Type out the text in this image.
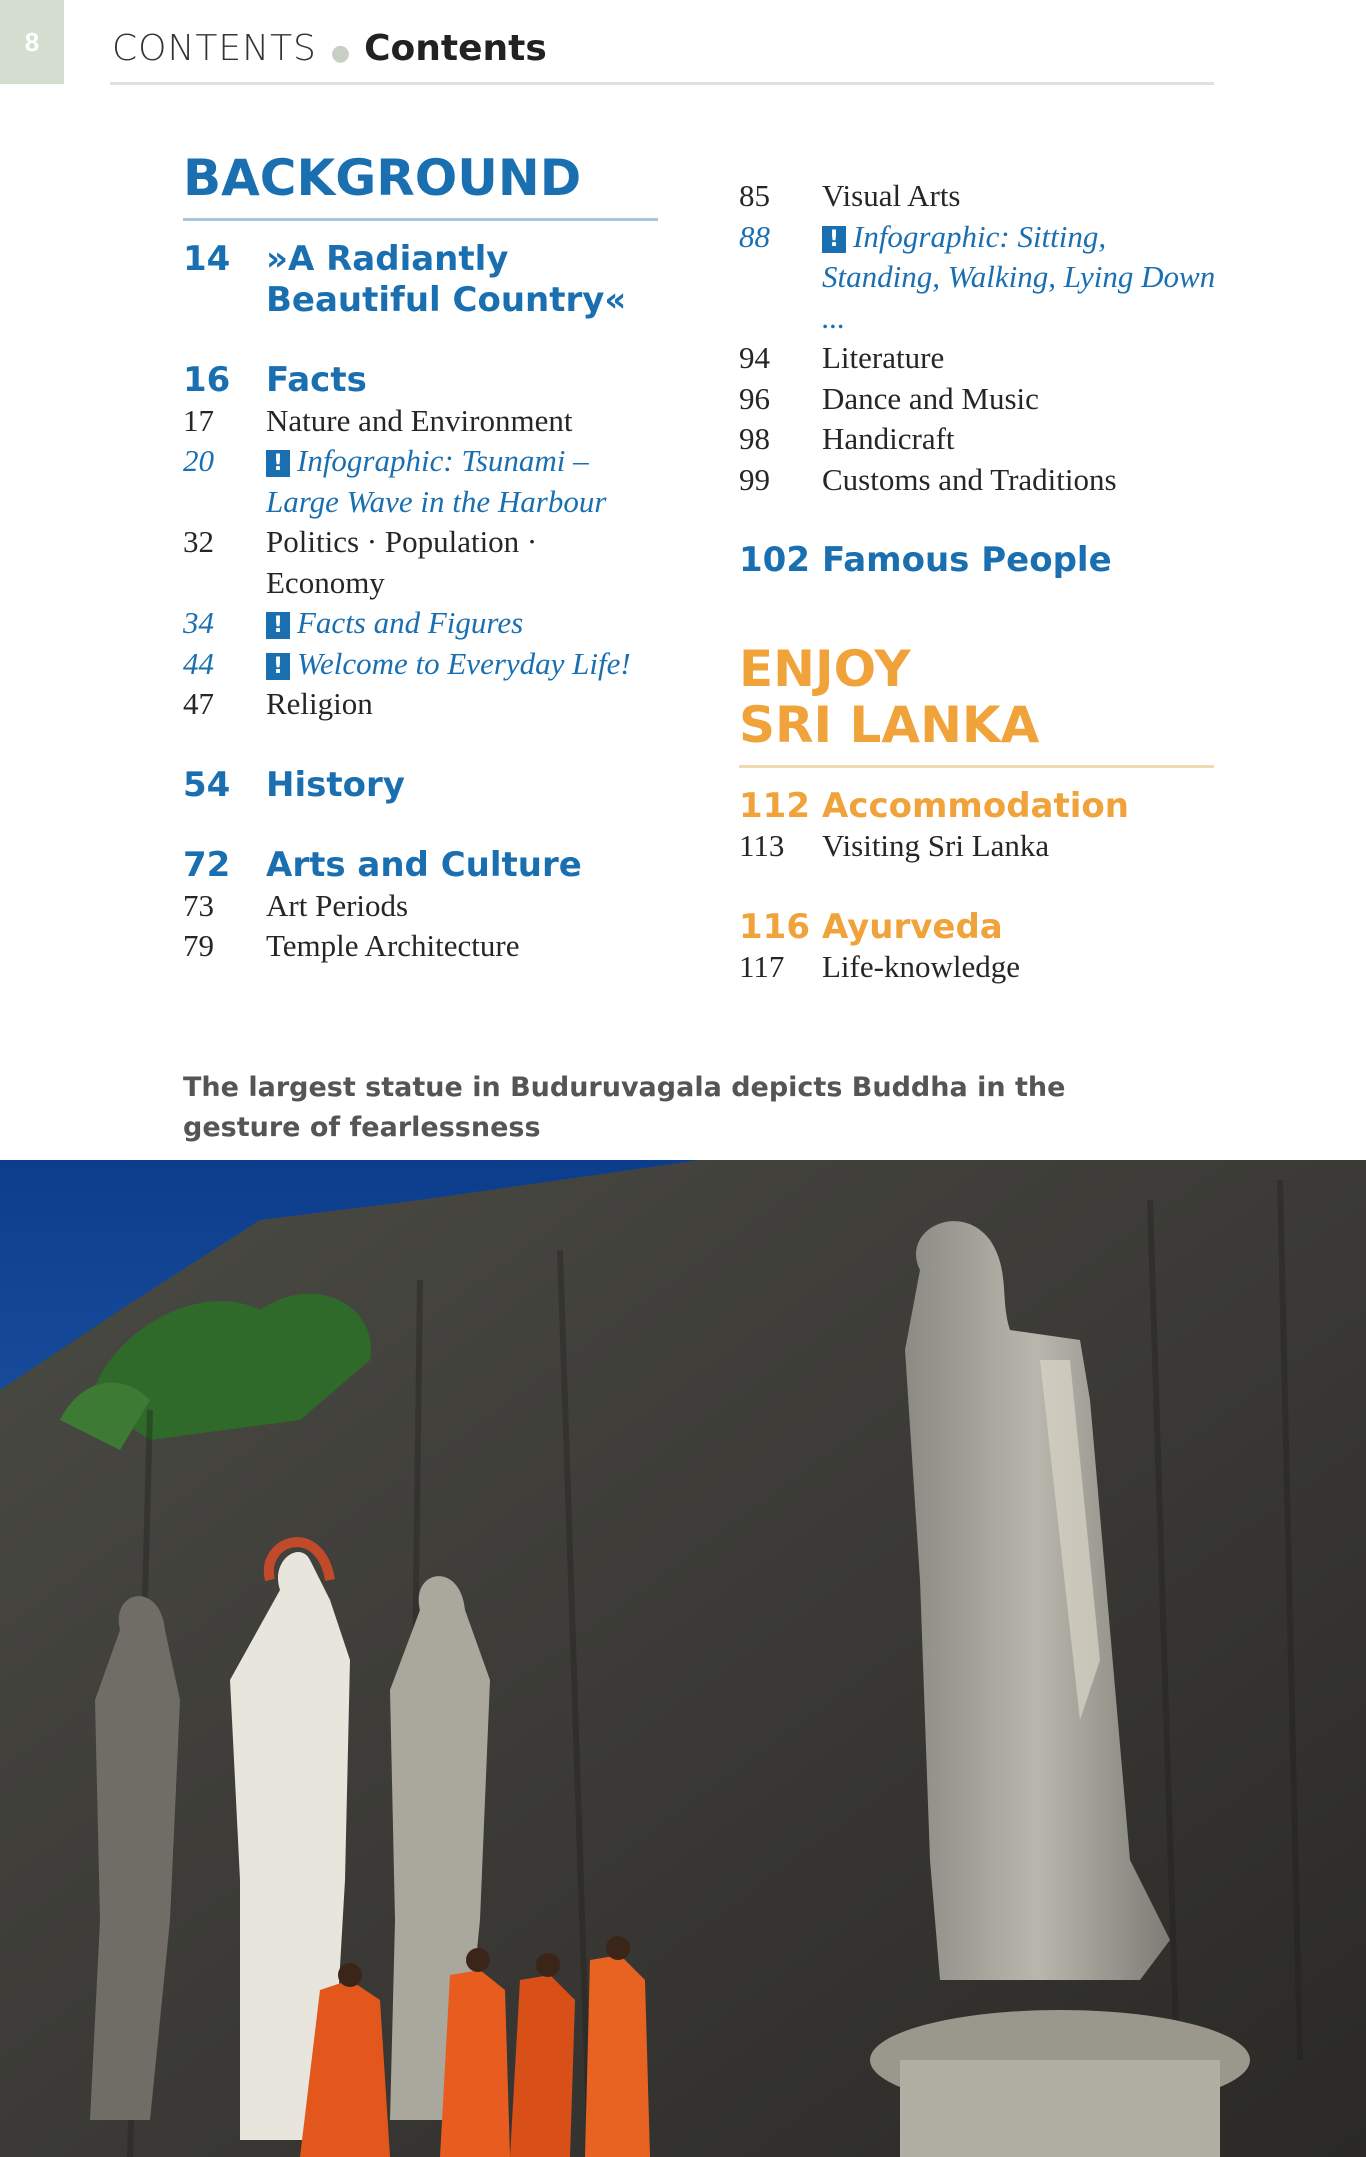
8 CONTENTS ● Contents
BACKGROUND
14	»A Radiantly Beautiful Country«
16	Facts
17	Nature and Environment
20	! Infographic: Tsunami – Large Wave in the Harbour
32	Politics · Population · Economy
34	! Facts and Figures
44	! Welcome to Everyday Life!
47	Religion
54	History
72	Arts and Culture
73	Art Periods
79	Temple Architecture
85	Visual Arts
88	! Infographic: Sitting, Standing, Walking, Lying Down ...
94	Literature
96	Dance and Music
98	Handicraft
99	Customs and Traditions
102 Famous People
ENJOY
SRI LANKA
112 Accommodation
113	Visiting Sri Lanka
116 Ayurveda
117	Life-knowledge
The largest statue in Buduruvagala depicts Buddha in the gesture of fearlessness
